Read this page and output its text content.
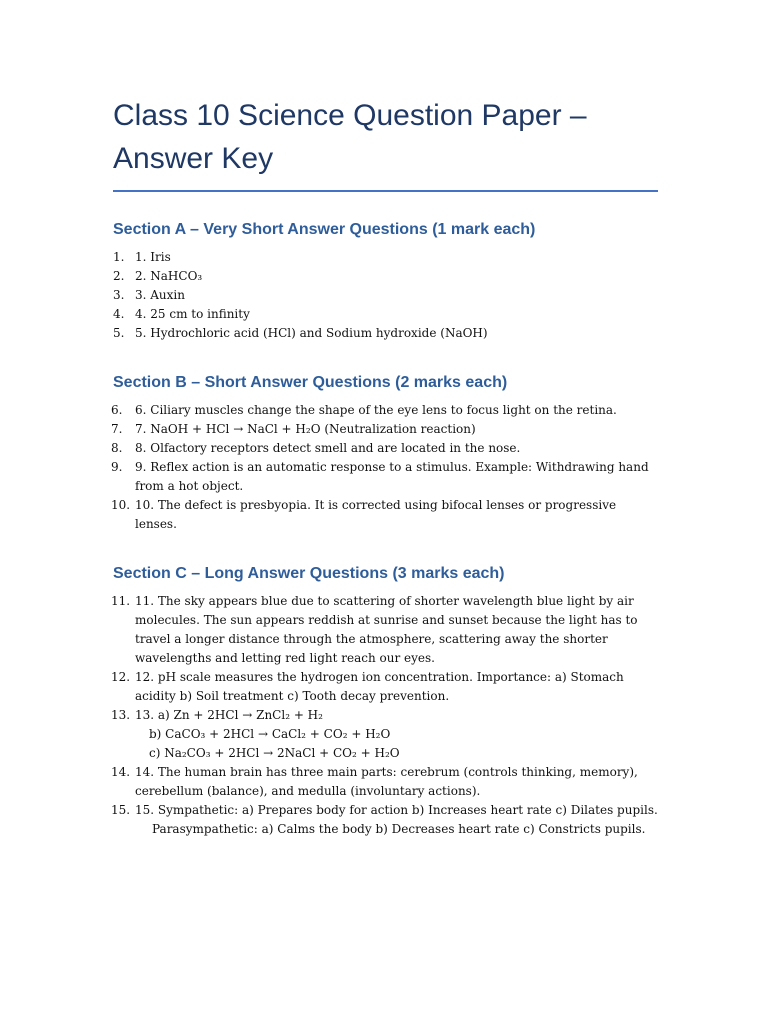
Class 10 Science Question Paper – Answer Key
Section A – Very Short Answer Questions (1 mark each)
1. 1. Iris
2. 2. NaHCO₃
3. 3. Auxin
4. 4. 25 cm to infinity
5. 5. Hydrochloric acid (HCl) and Sodium hydroxide (NaOH)
Section B – Short Answer Questions (2 marks each)
6. 6. Ciliary muscles change the shape of the eye lens to focus light on the retina.
7. 7. NaOH + HCl → NaCl + H₂O (Neutralization reaction)
8. 8. Olfactory receptors detect smell and are located in the nose.
9. 9. Reflex action is an automatic response to a stimulus. Example: Withdrawing hand from a hot object.
10. 10. The defect is presbyopia. It is corrected using bifocal lenses or progressive lenses.
Section C – Long Answer Questions (3 marks each)
11. 11. The sky appears blue due to scattering of shorter wavelength blue light by air molecules. The sun appears reddish at sunrise and sunset because the light has to travel a longer distance through the atmosphere, scattering away the shorter wavelengths and letting red light reach our eyes.
12. 12. pH scale measures the hydrogen ion concentration. Importance: a) Stomach acidity b) Soil treatment c) Tooth decay prevention.
13. 13. a) Zn + 2HCl → ZnCl₂ + H₂
b) CaCO₃ + 2HCl → CaCl₂ + CO₂ + H₂O
c) Na₂CO₃ + 2HCl → 2NaCl + CO₂ + H₂O
14. 14. The human brain has three main parts: cerebrum (controls thinking, memory), cerebellum (balance), and medulla (involuntary actions).
15. 15. Sympathetic: a) Prepares body for action b) Increases heart rate c) Dilates pupils.
Parasympathetic: a) Calms the body b) Decreases heart rate c) Constricts pupils.
